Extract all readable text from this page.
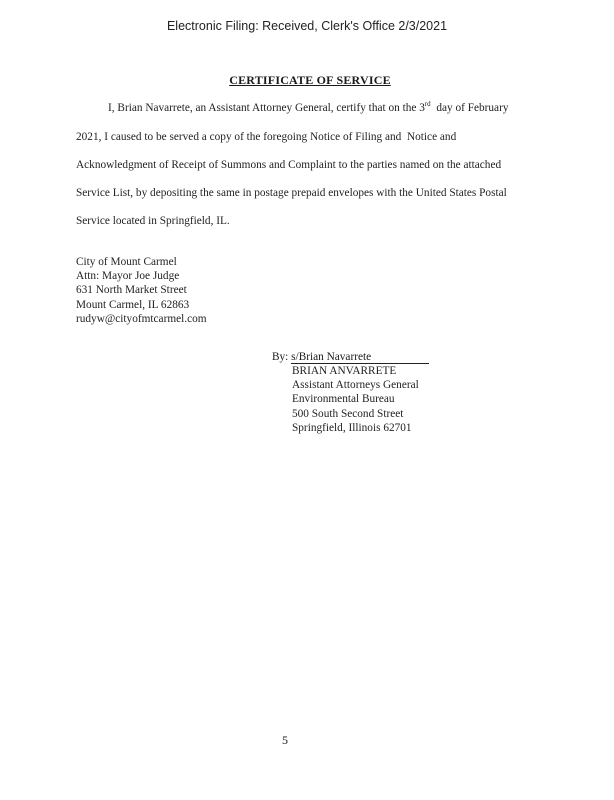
Electronic Filing: Received, Clerk's Office 2/3/2021
CERTIFICATE OF SERVICE
I, Brian Navarrete, an Assistant Attorney General, certify that on the 3rd  day of February
2021, I caused to be served a copy of the foregoing Notice of Filing and  Notice and
Acknowledgment of Receipt of Summons and Complaint to the parties named on the attached
Service List, by depositing the same in postage prepaid envelopes with the United States Postal
Service located in Springfield, IL.
City of Mount Carmel
Attn: Mayor Joe Judge
631 North Market Street
Mount Carmel, IL 62863
rudyw@cityofmtcarmel.com
By: s/Brian Navarrete
BRIAN ANVARRETE
Assistant Attorneys General
Environmental Bureau
500 South Second Street
Springfield, Illinois 62701
5
